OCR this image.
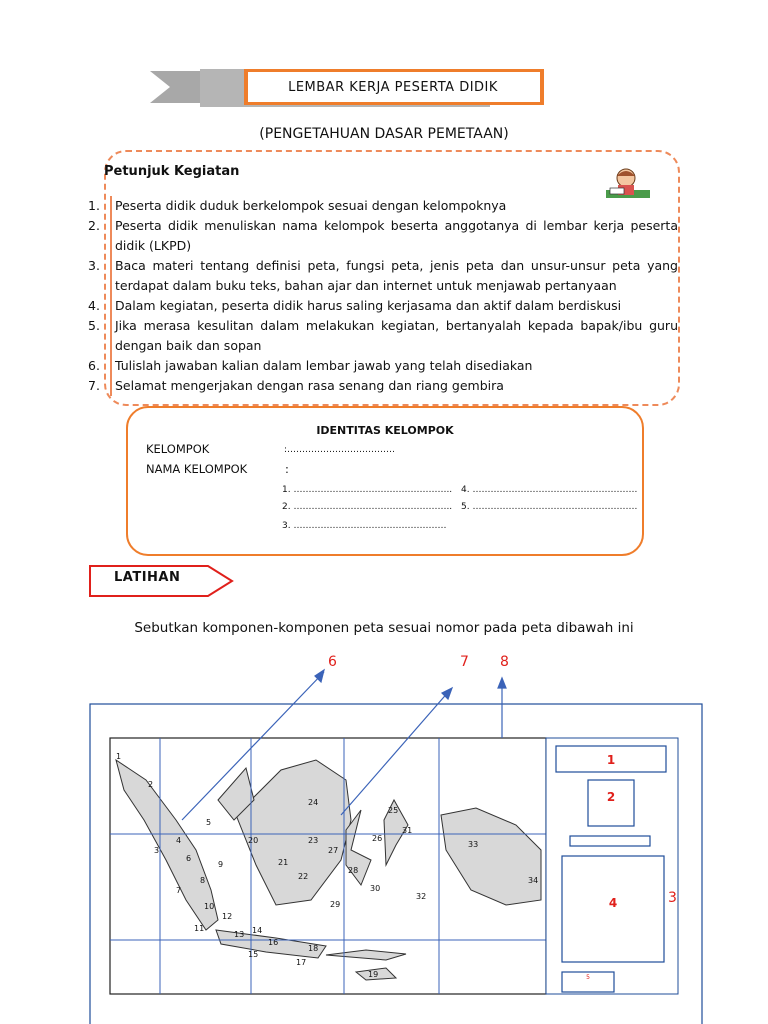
LEMBAR KERJA PESERTA DIDIK
(PENGETAHUAN DASAR PEMETAAN)
Petunjuk Kegiatan
1.	Peserta didik duduk berkelompok sesuai dengan kelompoknya
2.	Peserta didik menuliskan nama kelompok beserta anggotanya di lembar kerja peserta didik (LKPD)
3.	Baca materi tentang definisi peta, fungsi peta, jenis peta dan unsur-unsur peta yang terdapat dalam buku teks, bahan ajar dan internet untuk menjawab pertanyaan
4.	Dalam kegiatan, peserta didik harus saling kerjasama dan aktif dalam berdiskusi
5.	Jika merasa kesulitan dalam melakukan kegiatan, bertanyalah kepada bapak/ibu guru dengan baik dan sopan
6.	Tulislah jawaban kalian dalam lembar jawab yang telah disediakan
7.	Selamat mengerjakan dengan rasa senang dan riang gembira
IDENTITAS KELOMPOK
KELOMPOK	:………………………………
NAMA KELOMPOK	:
1. ……………………………………………..
2. ……………………………………………..
3. ……………………………………………
4. ……………………………………………….
5. ……………………………………………….
LATIHAN
Sebutkan komponen-komponen peta sesuai nomor pada peta dibawah ini
6	7 8
3
1
2
4
5
1
2
3
4
5
6
7
8
9
10
11
12
13 14
15
16
17
18
19
20
21
22
23
24
25
26
27
28
29
30
31
32
33
34
